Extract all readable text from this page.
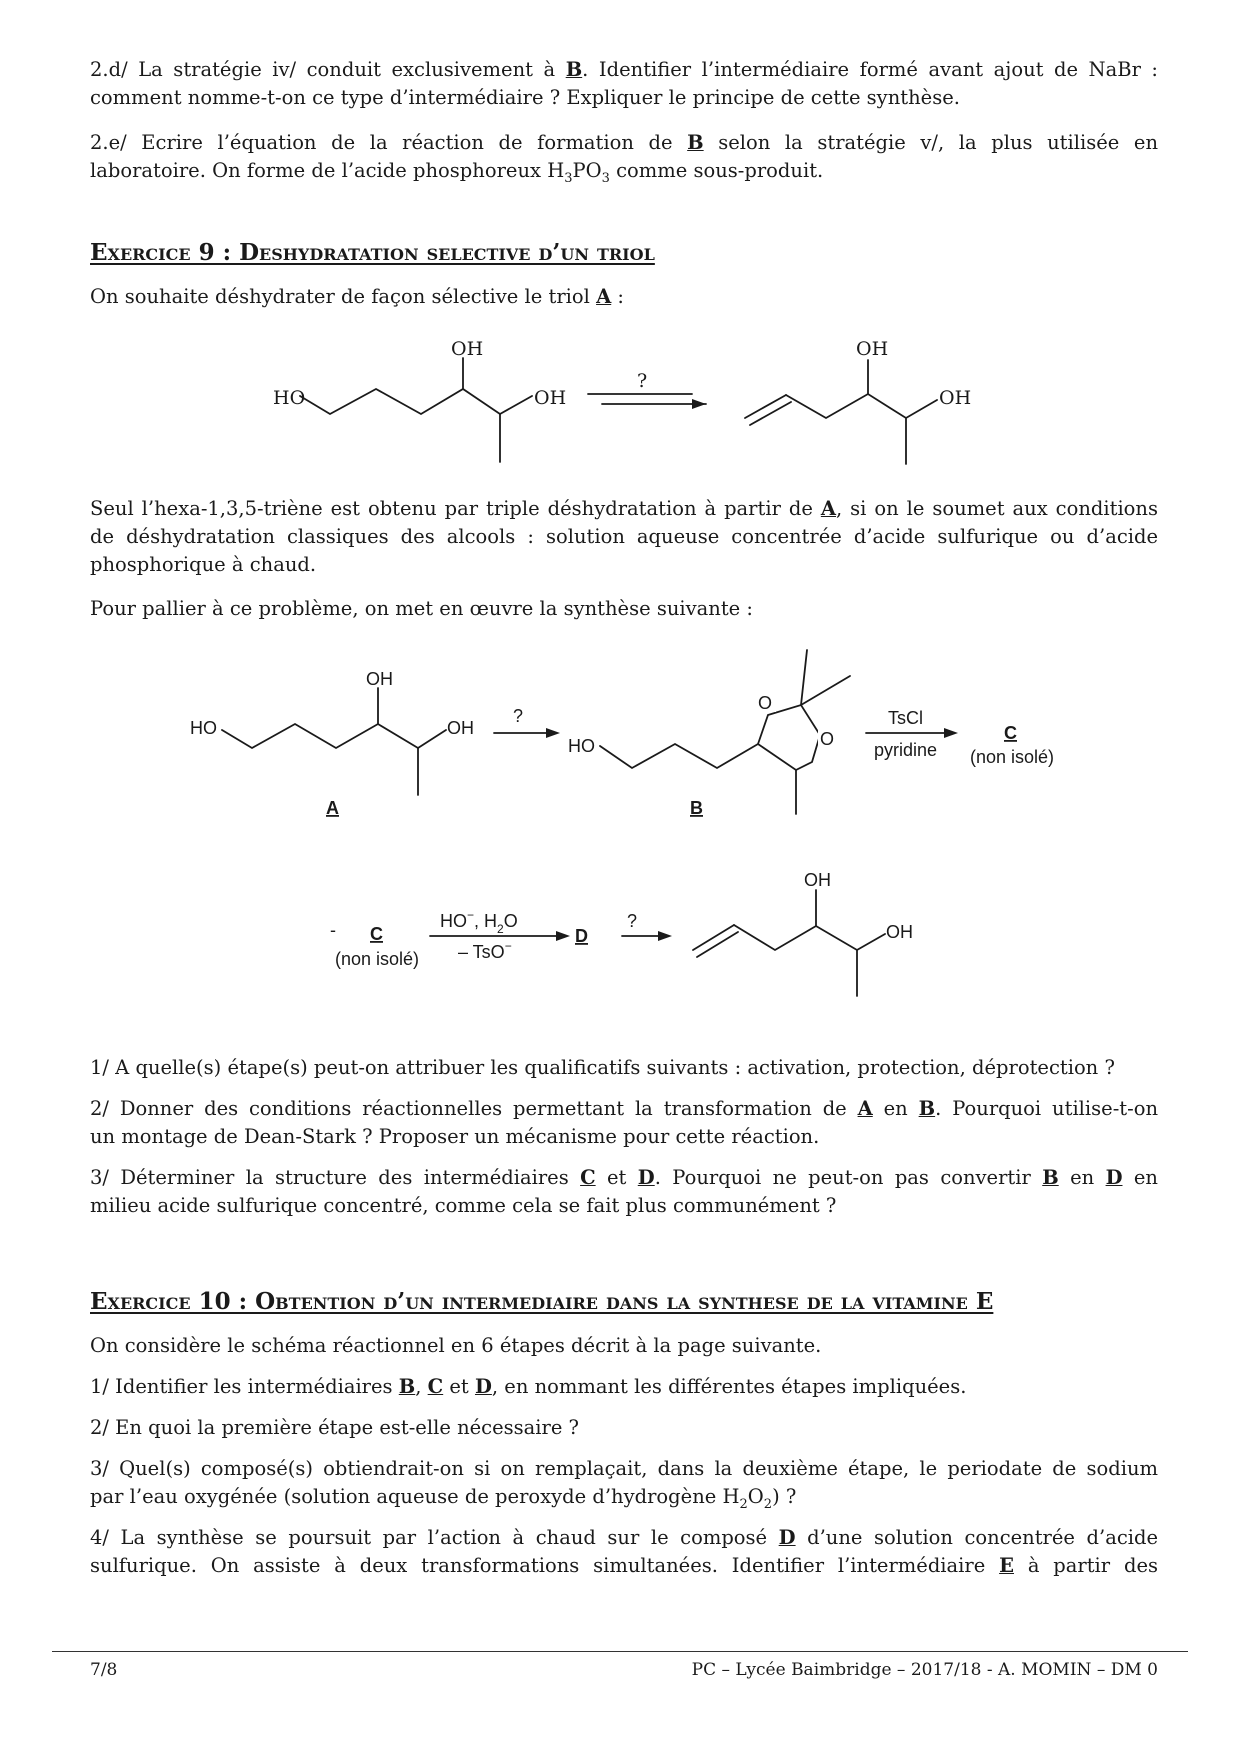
2.d/ La stratégie iv/ conduit exclusivement à B. Identifier l’intermédiaire formé avant ajout de NaBr :

comment nomme-t-on ce type d’intermédiaire ? Expliquer le principe de cette synthèse.

2.e/ Ecrire l’équation de la réaction de formation de B selon la stratégie v/, la plus utilisée en

laboratoire. On forme de l’acide phosphoreux $H_3PO_3$ comme sous-produit.

Exercice 9 : Deshydratation selective d’un triol

On souhaite déshydrater de façon sélective le triol A :

HO
OH
OH
?
OH
OH

Seul l’hexa-1,3,5-triène est obtenu par triple déshydratation à partir de A, si on le soumet aux conditions

de déshydratation classiques des alcools : solution aqueuse concentrée d’acide sulfurique ou d’acide

phosphorique à chaud.

Pour pallier à ce problème, on met en œuvre la synthèse suivante :

HO
OH
OH
A
?
HO
O
O
B
TsCl
pyridine
C
(non isolé)
- C
(non isolé)
HO−, $H_2O$
– TsO−	D
?
OH
OH

1/ A quelle(s) étape(s) peut-on attribuer les qualificatifs suivants : activation, protection, déprotection ?

2/ Donner des conditions réactionnelles permettant la transformation de A en B. Pourquoi utilise-t-on

un montage de Dean-Stark ? Proposer un mécanisme pour cette réaction.

3/ Déterminer la structure des intermédiaires C et D. Pourquoi ne peut-on pas convertir B en D en

milieu acide sulfurique concentré, comme cela se fait plus communément ?

Exercice 10 : Obtention d’un intermediaire dans la synthese de la vitamine E

On considère le schéma réactionnel en 6 étapes décrit à la page suivante.

1/ Identifier les intermédiaires B, C et D, en nommant les différentes étapes impliquées.

2/ En quoi la première étape est-elle nécessaire ?

3/ Quel(s) composé(s) obtiendrait-on si on remplaçait, dans la deuxième étape, le periodate de sodium

par l’eau oxygénée (solution aqueuse de peroxyde d’hydrogène $H_2O_2$) ?

4/ La synthèse se poursuit par l’action à chaud sur le composé D d’une solution concentrée d’acide

sulfurique. On assiste à deux transformations simultanées. Identifier l’intermédiaire E à partir des

7/8	PC – Lycée Baimbridge – 2017/18 - A. MOMIN – DM 0
